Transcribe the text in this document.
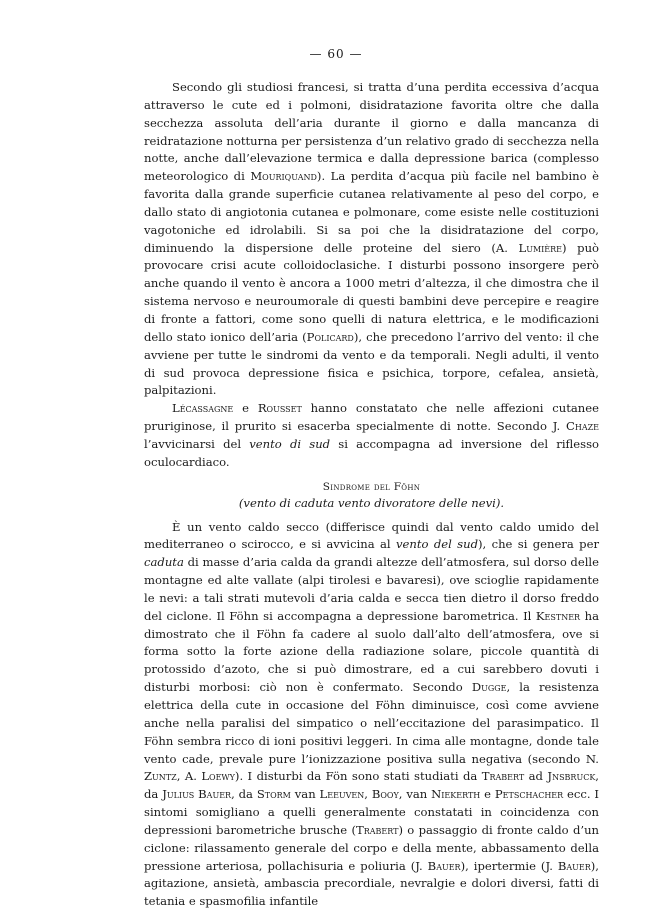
— 60 —

Secondo gli studiosi francesi, si tratta d’una perdita eccessiva d’acqua attraverso le cute ed i polmoni, disidratazione favorita oltre che dalla secchezza assoluta dell’aria durante il giorno e dalla mancanza di reidratazione notturna per persistenza d’un relativo grado di secchezza nella notte, anche dall’elevazione termica e dalla depressione barica (complesso meteorologico di Mouriquand). La perdita d’acqua più facile nel bambino è favorita dalla grande superficie cutanea relativamente al peso del corpo, e dallo stato di angiotonia cutanea e polmonare, come esiste nelle costituzioni vagotoniche ed idrolabili. Si sa poi che la disidratazione del corpo, diminuendo la dispersione delle proteine del siero (A. Lumière) può provocare crisi acute colloidoclasiche. I disturbi possono insorgere però anche quando il vento è ancora a 1000 metri d’altezza, il che dimostra che il sistema nervoso e neuroumorale di questi bambini deve percepire e reagire di fronte a fattori, come sono quelli di natura elettrica, e le modificazioni dello stato ionico dell’aria (Policard), che precedono l’arrivo del vento: il che avviene per tutte le sindromi da vento e da temporali. Negli adulti, il vento di sud provoca depressione fisica e psichica, torpore, cefalea, ansietà, palpitazioni.

Lécassagne e Rousset hanno constatato che nelle affezioni cutanee pruriginose, il prurito si esacerba specialmente di notte. Secondo J. Chaze l’avvicinarsi del vento di sud si accompagna ad inversione del riflesso oculocardiaco.

Sindrome del Föhn
(vento di caduta vento divoratore delle nevi).

È un vento caldo secco (differisce quindi dal vento caldo umido del mediterraneo o scirocco, e si avvicina al vento del sud), che si genera per caduta di masse d’aria calda da grandi altezze dell’atmosfera, sul dorso delle montagne ed alte vallate (alpi tirolesi e bavaresi), ove scioglie rapidamente le nevi: a tali strati mutevoli d’aria calda e secca tien dietro il dorso freddo del ciclone. Il Föhn si accompagna a depressione barometrica. Il Kestner ha dimostrato che il Föhn fa cadere al suolo dall’alto dell’atmosfera, ove si forma sotto la forte azione della radiazione solare, piccole quantità di protossido d’azoto, che si può dimostrare, ed a cui sarebbero dovuti i disturbi morbosi: ciò non è confermato. Secondo Dugge, la resistenza elettrica della cute in occasione del Föhn diminuisce, così come avviene anche nella paralisi del simpatico o nell’eccitazione del parasimpatico. Il Föhn sembra ricco di ioni positivi leggeri. In cima alle montagne, donde tale vento cade, prevale pure l’ionizzazione positiva sulla negativa (secondo N. Zuntz, A. Loewy). I disturbi da Fön sono stati studiati da Trabert ad Jnsbruck, da Julius Bauer, da Storm van Leeuven, Booy, van Niekerth e Petschacher ecc. I sintomi somigliano a quelli generalmente constatati in coincidenza con depressioni barometriche brusche (Trabert) o passaggio di fronte caldo d’un ciclone: rilassamento generale del corpo e della mente, abbassamento della pressione arteriosa, pollachisuria e poliuria (J. Bauer), ipertermie (J. Bauer), agitazione, ansietà, ambascia precordiale, nevralgie e dolori diversi, fatti di tetania e spasmofilia infantile
